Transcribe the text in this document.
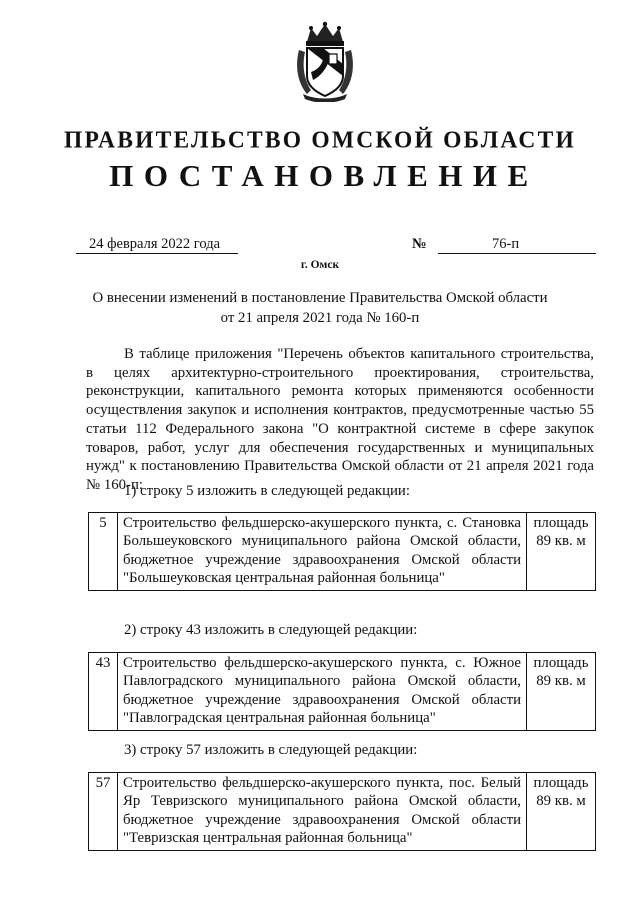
ПРАВИТЕЛЬСТВО ОМСКОЙ ОБЛАСТИ
ПОСТАНОВЛЕНИЕ
24 февраля 2022 года	№	76-п
г. Омск
О внесении изменений в постановление Правительства Омской области
от 21 апреля 2021 года № 160-п
В таблице приложения "Перечень объектов капитального строительства, в целях архитектурно-строительного проектирования, строительства, реконструкции, капитального ремонта которых применяются особенности осуществления закупок и исполнения контрактов, предусмотренные частью 55 статьи 112 Федерального закона "О контрактной системе в сфере закупок товаров, работ, услуг для обеспечения государственных и муниципальных нужд" к постановлению Правительства Омской области от 21 апреля 2021 года № 160-п:
1) строку 5 изложить в следующей редакции:
5	Строительство фельдшерско-акушерского пункта, с. Становка Большеуковского муниципального района Омской области, бюджетное учреждение здравоохранения Омской области "Большеуковская центральная районная больница"	площадь 89 кв. м
2) строку 43 изложить в следующей редакции:
43	Строительство фельдшерско-акушерского пункта, с. Южное Павлоградского муниципального района Омской области, бюджетное учреждение здравоохранения Омской области "Павлоградская центральная районная больница"	площадь 89 кв. м
3) строку 57 изложить в следующей редакции:
57	Строительство фельдшерско-акушерского пункта, пос. Белый Яр Тевризского муниципального района Омской области, бюджетное учреждение здравоохранения Омской области "Тевризская центральная районная больница"	площадь 89 кв. м
